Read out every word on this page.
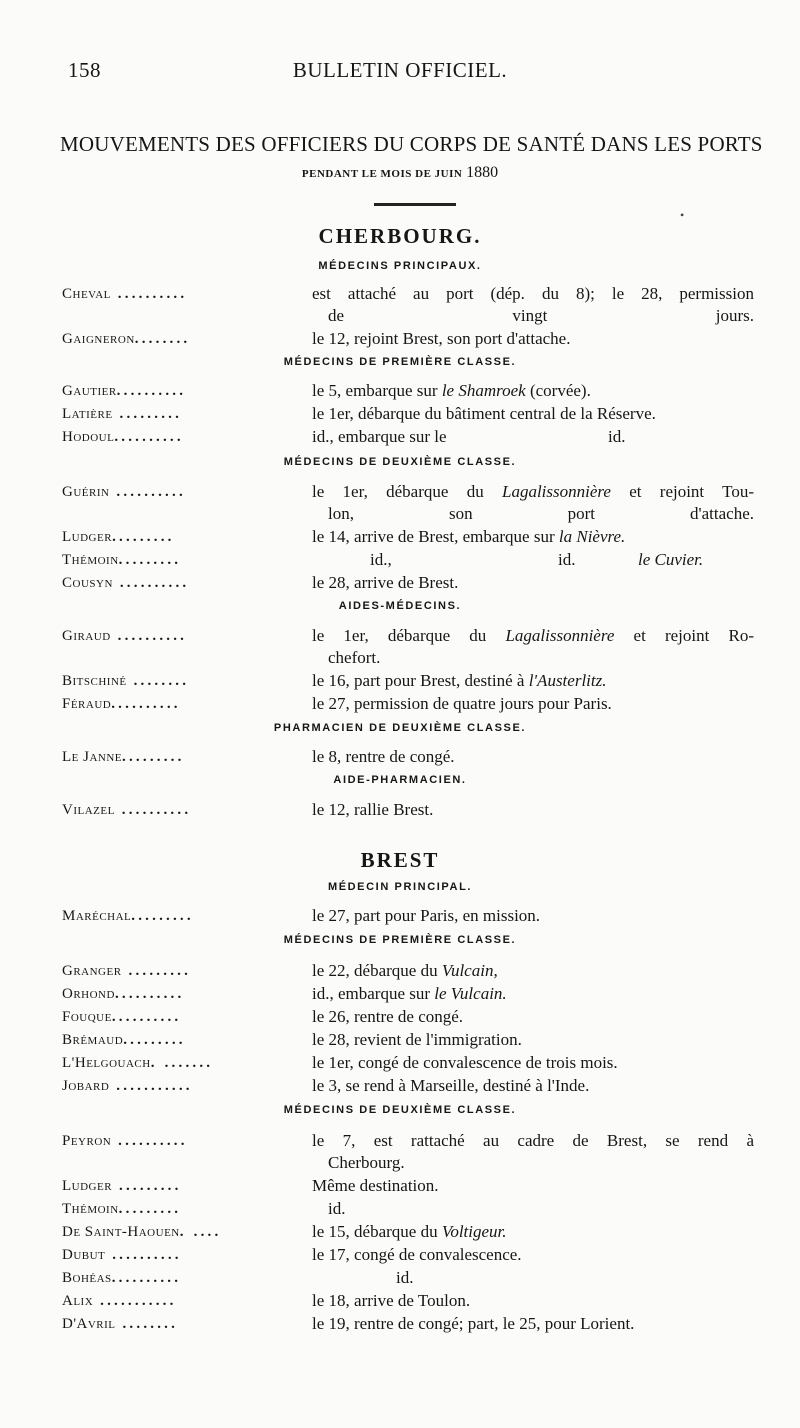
158	BULLETIN OFFICIEL.
MOUVEMENTS DES OFFICIERS DU CORPS DE SANTÉ DANS LES PORTS
PENDANT LE MOIS DE JUIN 1880
•
CHERBOURG.
MÉDECINS PRINCIPAUX.
Cheval ..........	est attaché au port (dép. du 8); le 28, permission
de vingt jours.
Gaigneron........	le 12, rejoint Brest, son port d'attache.
MÉDECINS DE PREMIÈRE CLASSE.
Gautier..........	le 5, embarque sur le Shamroek (corvée).
Latière .........	le 1er, débarque du bâtiment central de la Réserve.
Hodoul..........	id., embarque sur le	id.
MÉDECINS DE DEUXIÈME CLASSE.
Guérin ..........	le 1er, débarque du Lagalissonnière et rejoint Tou-
lon, son port d'attache.
Ludger.........	le 14, arrive de Brest, embarque sur la Nièvre.
Thémoin.........	id.,	id.	le Cuvier.
Cousyn ..........	le 28, arrive de Brest.
AIDES-MÉDECINS.
Giraud ..........	le 1er, débarque du Lagalissonnière et rejoint Ro-
chefort.
Bitschiné ........	le 16, part pour Brest, destiné à l'Austerlitz.
Féraud..........	le 27, permission de quatre jours pour Paris.
PHARMACIEN DE DEUXIÈME CLASSE.
Le Janne.........	le 8, rentre de congé.
AIDE-PHARMACIEN.
Vilazel ..........	le 12, rallie Brest.
BREST
MÉDECIN PRINCIPAL.
Maréchal.........	le 27, part pour Paris, en mission.
MÉDECINS DE PREMIÈRE CLASSE.
Granger .........	le 22, débarque du Vulcain,
Orhond..........	id., embarque sur le Vulcain.
Fouque..........	le 26, rentre de congé.
Brémaud.........	le 28, revient de l'immigration.
L'Helgouach. .......	le 1er, congé de convalescence de trois mois.
Jobard ...........	le 3, se rend à Marseille, destiné à l'Inde.
MÉDECINS DE DEUXIÈME CLASSE.
Peyron ..........	le 7, est rattaché au cadre de Brest, se rend à
Cherbourg.
Ludger .........	Même destination.
Thémoin.........	id.
De Saint-Haouen. ....	le 15, débarque du Voltigeur.
Dubut ..........	le 17, congé de convalescence.
Bohéas..........	id.
Alix ...........	le 18, arrive de Toulon.
D'Avril ........	le 19, rentre de congé; part, le 25, pour Lorient.
